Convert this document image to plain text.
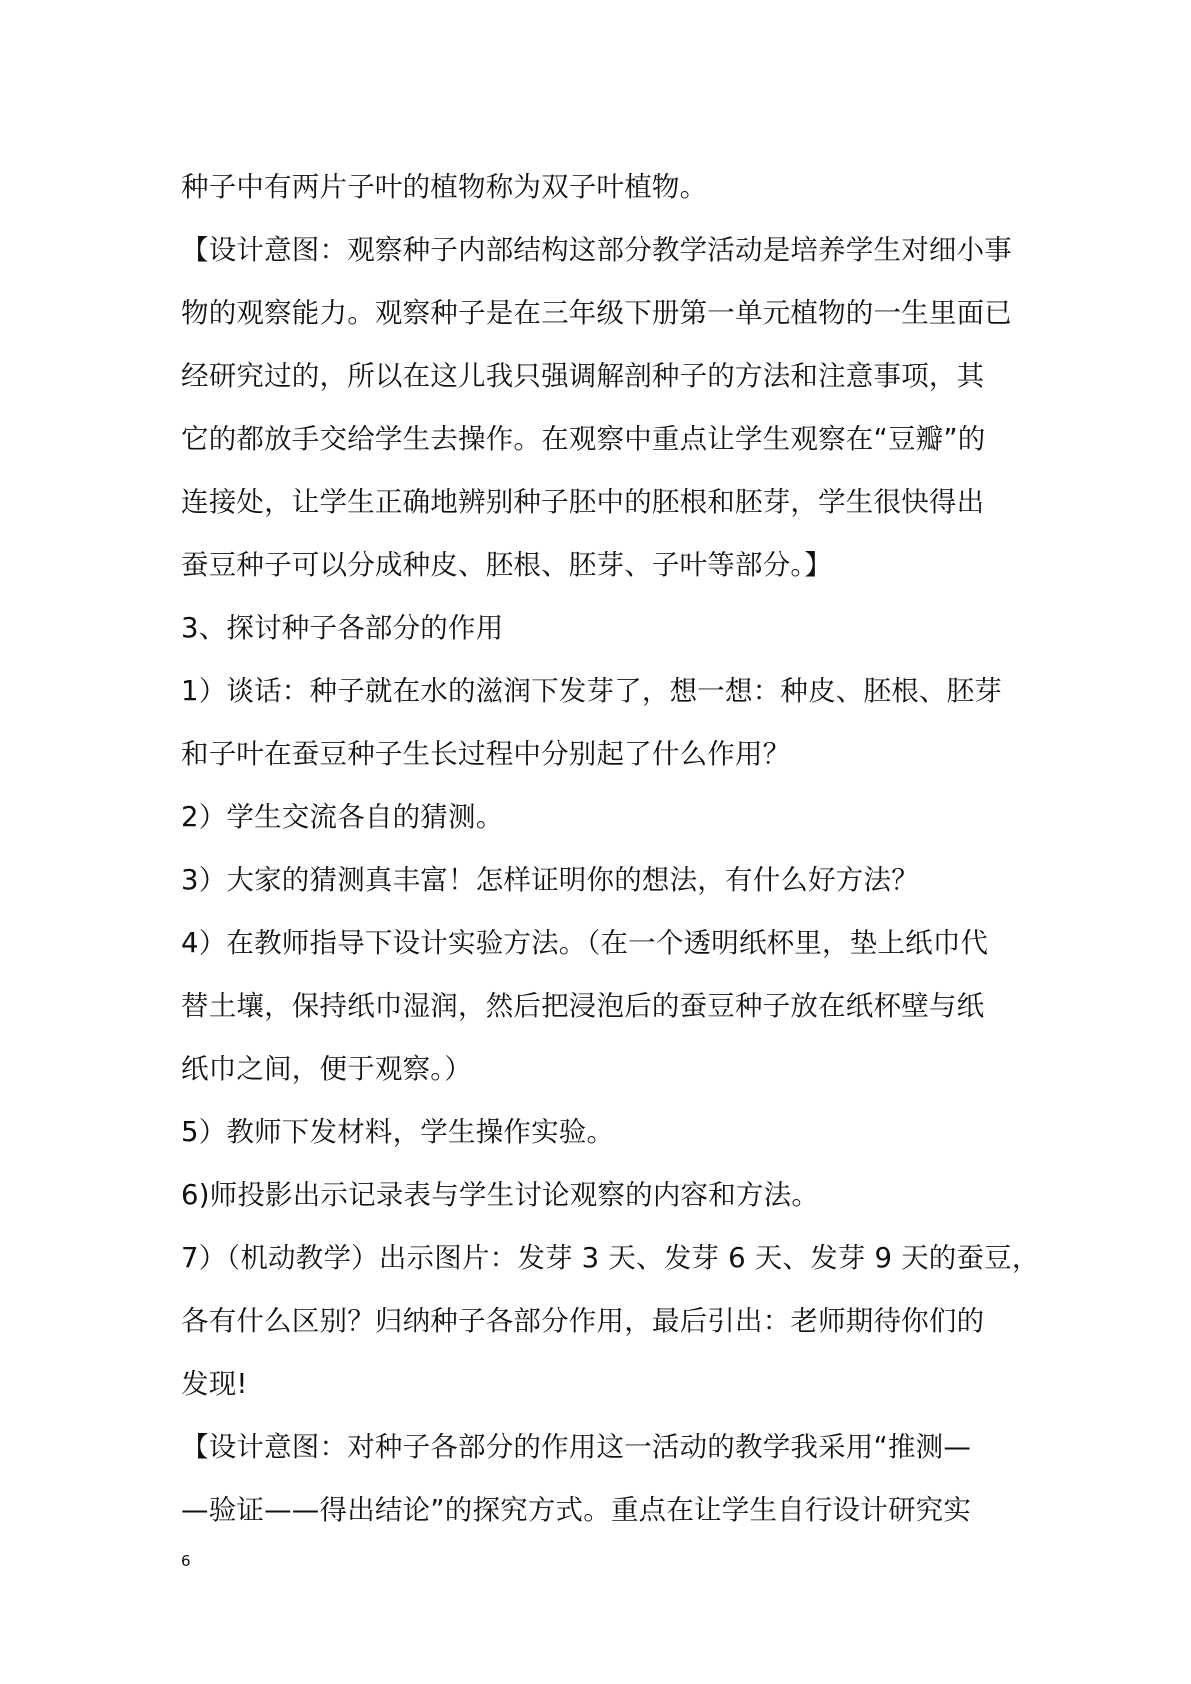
种子中有两片子叶的植物称为双子叶植物。
【设计意图：观察种子内部结构这部分教学活动是培养学生对细小事
物的观察能力。观察种子是在三年级下册第一单元植物的一生里面已
经研究过的，所以在这儿我只强调解剖种子的方法和注意事项，其
它的都放手交给学生去操作。在观察中重点让学生观察在“豆瓣”的
连接处，让学生正确地辨别种子胚中的胚根和胚芽，学生很快得出
蚕豆种子可以分成种皮、胚根、胚芽、子叶等部分。】
3、探讨种子各部分的作用
1）谈话：种子就在水的滋润下发芽了，想一想：种皮、胚根、胚芽
和子叶在蚕豆种子生长过程中分别起了什么作用？
2）学生交流各自的猜测。
3）大家的猜测真丰富！怎样证明你的想法，有什么好方法？
4）在教师指导下设计实验方法。（在一个透明纸杯里，垫上纸巾代
替土壤，保持纸巾湿润，然后把浸泡后的蚕豆种子放在纸杯壁与纸
纸巾之间，便于观察。）
5）教师下发材料，学生操作实验。
6)师投影出示记录表与学生讨论观察的内容和方法。
7）（机动教学）出示图片：发芽 3 天、发芽 6 天、发芽 9 天的蚕豆，
各有什么区别？归纳种子各部分作用，最后引出：老师期待你们的
发现!
【设计意图：对种子各部分的作用这一活动的教学我采用“推测—
—验证——得出结论”的探究方式。重点在让学生自行设计研究实
6
